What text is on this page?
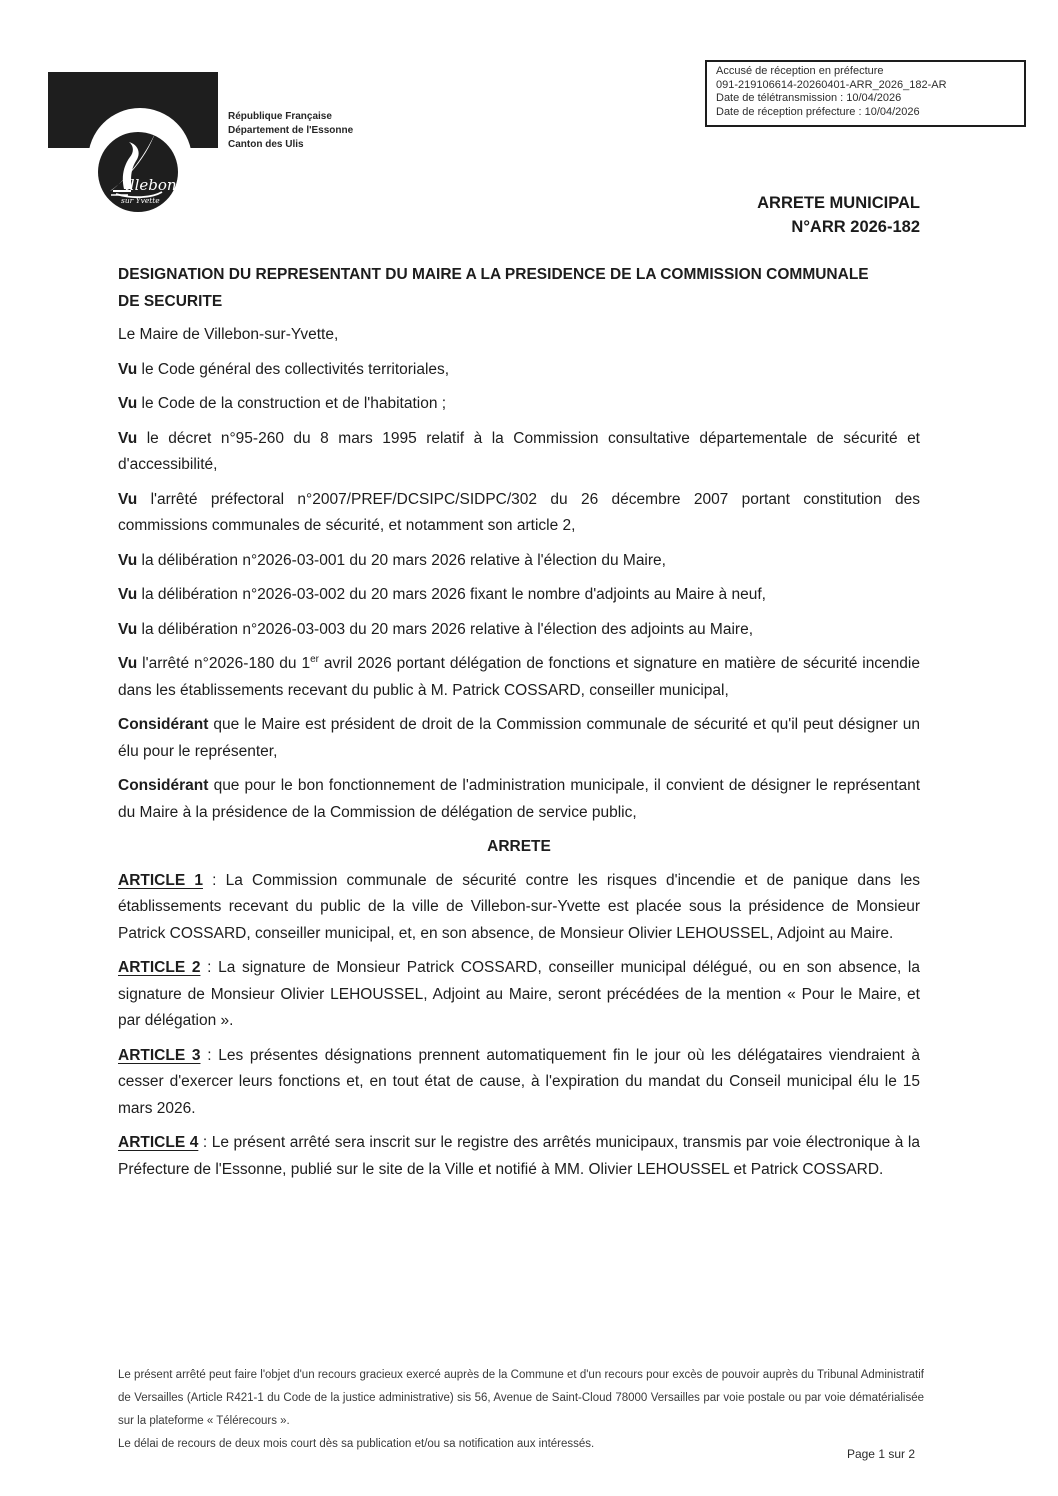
Accusé de réception en préfecture
091-219106614-20260401-ARR_2026_182-AR
Date de télétransmission : 10/04/2026
Date de réception préfecture : 10/04/2026
illebon
sur Yvette
République Française
Département de l'Essonne
Canton des Ulis
ARRETE MUNICIPAL
N°ARR 2026-182
DESIGNATION DU REPRESENTANT DU MAIRE A LA PRESIDENCE DE LA COMMISSION COMMUNALE
DE SECURITE

Le Maire de Villebon-sur-Yvette,

Vu le Code général des collectivités territoriales,

Vu le Code de la construction et de l'habitation ;

Vu le décret n°95-260 du 8 mars 1995 relatif à la Commission consultative départementale de sécurité et d'accessibilité,

Vu l'arrêté préfectoral n°2007/PREF/DCSIPC/SIDPC/302 du 26 décembre 2007 portant constitution des commissions communales de sécurité, et notamment son article 2,

Vu la délibération n°2026-03-001 du 20 mars 2026 relative à l'élection du Maire,

Vu la délibération n°2026-03-002 du 20 mars 2026 fixant le nombre d'adjoints au Maire à neuf,

Vu la délibération n°2026-03-003 du 20 mars 2026 relative à l'élection des adjoints au Maire,

Vu l'arrêté n°2026-180 du 1er avril 2026 portant délégation de fonctions et signature en matière de sécurité incendie dans les établissements recevant du public à M. Patrick COSSARD, conseiller municipal,

Considérant que le Maire est président de droit de la Commission communale de sécurité et qu'il peut désigner un élu pour le représenter,

Considérant que pour le bon fonctionnement de l'administration municipale, il convient de désigner le représentant du Maire à la présidence de la Commission de délégation de service public,

ARRETE

ARTICLE 1 : La Commission communale de sécurité contre les risques d'incendie et de panique dans les établissements recevant du public de la ville de Villebon-sur-Yvette est placée sous la présidence de Monsieur Patrick COSSARD, conseiller municipal, et, en son absence, de Monsieur Olivier LEHOUSSEL, Adjoint au Maire.

ARTICLE 2 : La signature de Monsieur Patrick COSSARD, conseiller municipal délégué, ou en son absence, la signature de Monsieur Olivier LEHOUSSEL, Adjoint au Maire, seront précédées de la mention « Pour le Maire, et par délégation ».

ARTICLE 3 : Les présentes désignations prennent automatiquement fin le jour où les délégataires viendraient à cesser d'exercer leurs fonctions et, en tout état de cause, à l'expiration du mandat du Conseil municipal élu le 15 mars 2026.

ARTICLE 4 : Le présent arrêté sera inscrit sur le registre des arrêtés municipaux, transmis par voie électronique à la Préfecture de l'Essonne, publié sur le site de la Ville et notifié à MM. Olivier LEHOUSSEL et Patrick COSSARD.

Le présent arrêté peut faire l'objet d'un recours gracieux exercé auprès de la Commune et d'un recours pour excès de pouvoir auprès du Tribunal Administratif de Versailles (Article R421-1 du Code de la justice administrative) sis 56, Avenue de Saint-Cloud 78000 Versailles par voie postale ou par voie dématérialisée sur la plateforme « Télérecours ».

Le délai de recours de deux mois court dès sa publication et/ou sa notification aux intéressés.

Page 1 sur 2
